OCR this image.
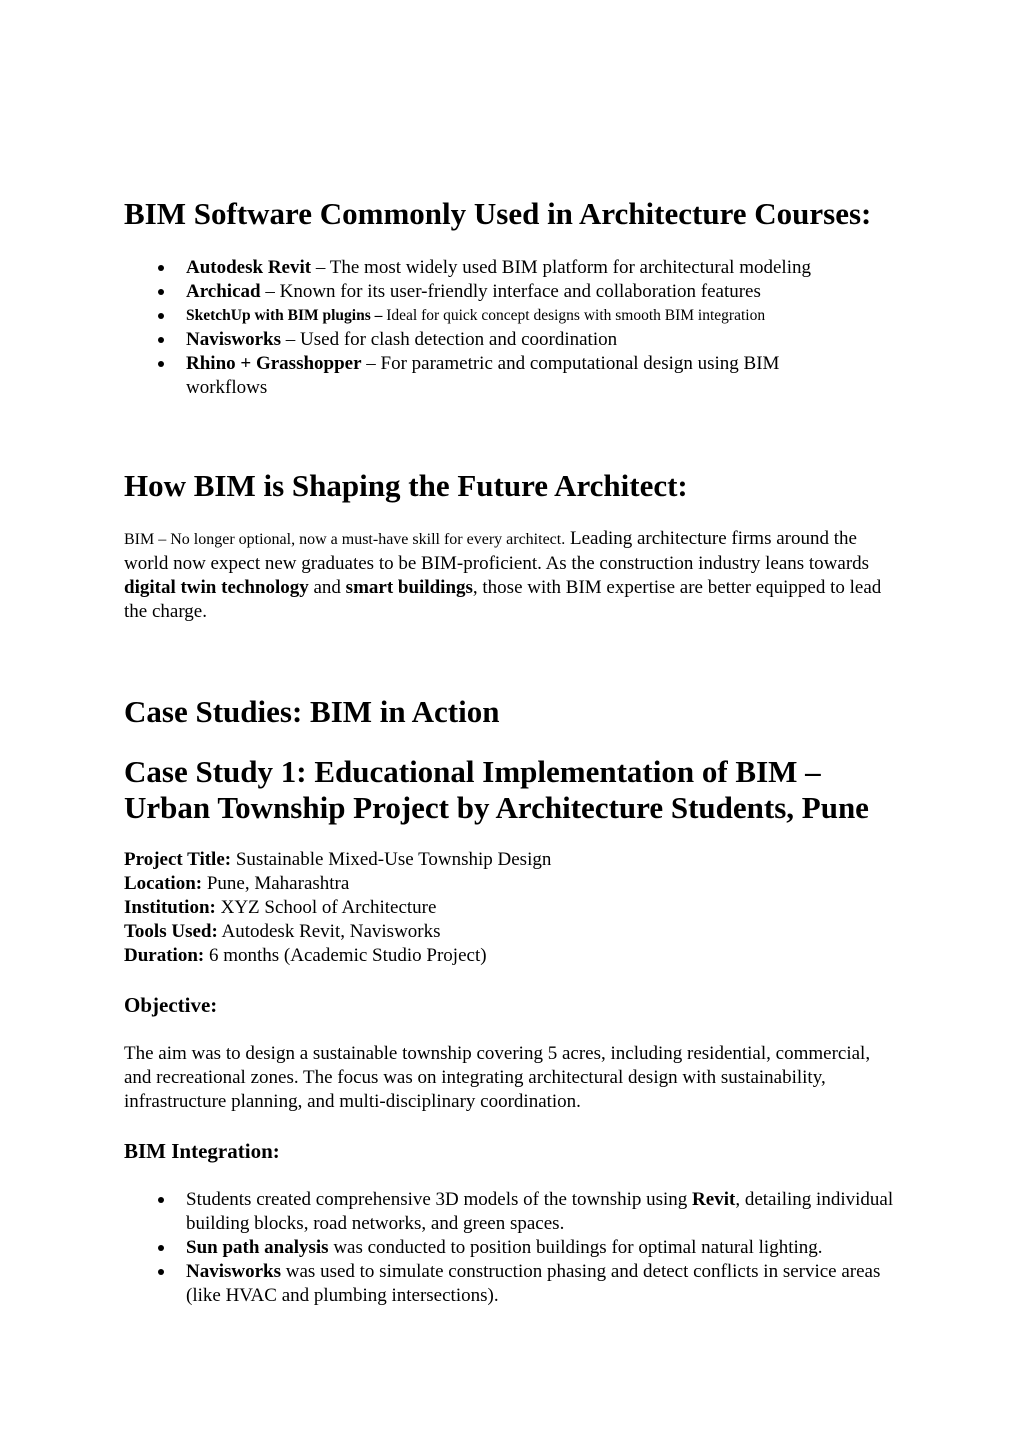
BIM Software Commonly Used in Architecture Courses:
Autodesk Revit – The most widely used BIM platform for architectural modeling
Archicad – Known for its user-friendly interface and collaboration features
SketchUp with BIM plugins – Ideal for quick concept designs with smooth BIM integration
Navisworks – Used for clash detection and coordination
Rhino + Grasshopper – For parametric and computational design using BIM workflows
How BIM is Shaping the Future Architect:

BIM – No longer optional, now a must-have skill for every architect. Leading architecture firms around the world now expect new graduates to be BIM-proficient. As the construction industry leans towards digital twin technology and smart buildings, those with BIM expertise are better equipped to lead the charge.

Case Studies: BIM in Action
Case Study 1: Educational Implementation of BIM – Urban Township Project by Architecture Students, Pune
Project Title: Sustainable Mixed-Use Township Design
Location: Pune, Maharashtra
Institution: XYZ School of Architecture
Tools Used: Autodesk Revit, Navisworks
Duration: 6 months (Academic Studio Project)
Objective:

The aim was to design a sustainable township covering 5 acres, including residential, commercial, and recreational zones. The focus was on integrating architectural design with sustainability, infrastructure planning, and multi-disciplinary coordination.

BIM Integration:
Students created comprehensive 3D models of the township using Revit, detailing individual building blocks, road networks, and green spaces.
Sun path analysis was conducted to position buildings for optimal natural lighting.
Navisworks was used to simulate construction phasing and detect conflicts in service areas (like HVAC and plumbing intersections).
